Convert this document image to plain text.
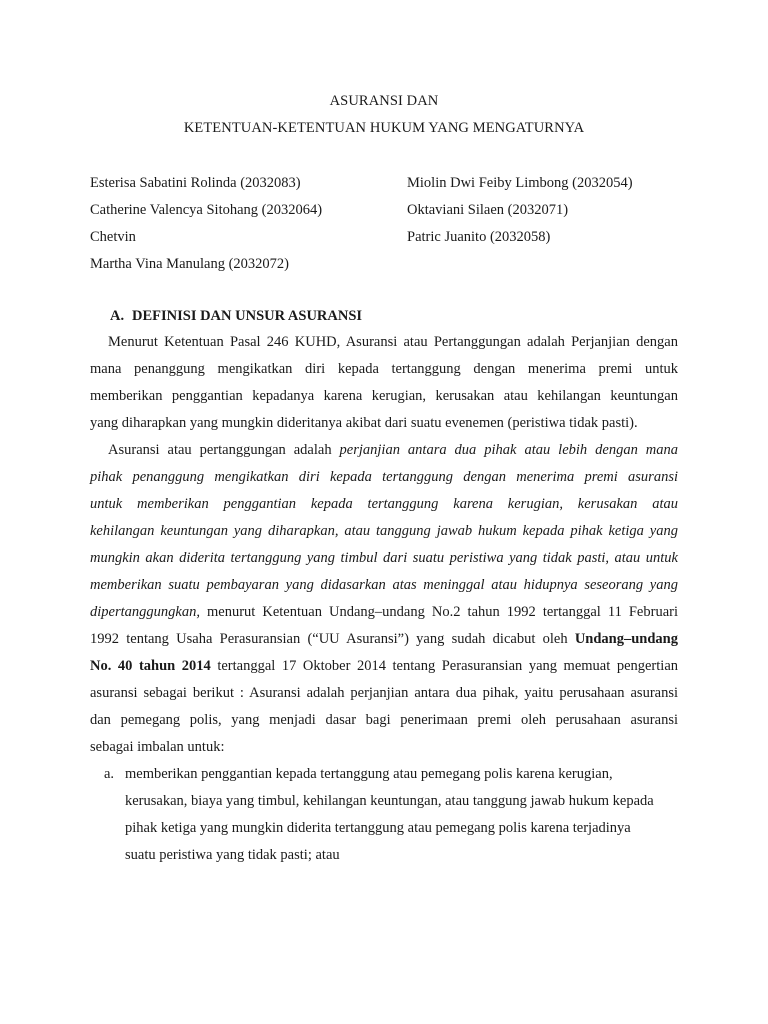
ASURANSI DAN
KETENTUAN-KETENTUAN HUKUM YANG MENGATURNYA
Esterisa Sabatini Rolinda (2032083)
Catherine Valencya Sitohang (2032064)
Chetvin
Martha Vina Manulang (2032072)
Miolin Dwi Feiby Limbong (2032054)
Oktaviani Silaen (2032071)
Patric Juanito (2032058)
A. DEFINISI DAN UNSUR ASURANSI
Menurut Ketentuan Pasal 246 KUHD, Asuransi atau Pertanggungan adalah Perjanjian dengan
mana penanggung mengikatkan diri kepada tertanggung dengan menerima premi untuk
memberikan penggantian kepadanya karena kerugian, kerusakan atau kehilangan keuntungan
yang diharapkan yang mungkin dideritanya akibat dari suatu evenemen (peristiwa tidak pasti).
Asuransi atau pertanggungan adalah perjanjian antara dua pihak atau lebih dengan mana
pihak penanggung mengikatkan diri kepada tertanggung dengan menerima premi asuransi
untuk memberikan penggantian kepada tertanggung karena kerugian, kerusakan atau
kehilangan keuntungan yang diharapkan, atau tanggung jawab hukum kepada pihak ketiga yang
mungkin akan diderita tertanggung yang timbul dari suatu peristiwa yang tidak pasti, atau untuk
memberikan suatu pembayaran yang didasarkan atas meninggal atau hidupnya seseorang yang
dipertanggungkan, menurut Ketentuan Undang–undang No.2 tahun 1992 tertanggal 11 Februari
1992 tentang Usaha Perasuransian (“UU Asuransi”) yang sudah dicabut oleh Undang–undang
No. 40 tahun 2014 tertanggal 17 Oktober 2014 tentang Perasuransian yang memuat pengertian
asuransi sebagai berikut : Asuransi adalah perjanjian antara dua pihak, yaitu perusahaan asuransi
dan pemegang polis, yang menjadi dasar bagi penerimaan premi oleh perusahaan asuransi
sebagai imbalan untuk:
a. memberikan penggantian kepada tertanggung atau pemegang polis karena kerugian,
kerusakan, biaya yang timbul, kehilangan keuntungan, atau tanggung jawab hukum kepada
pihak ketiga yang mungkin diderita tertanggung atau pemegang polis karena terjadinya
suatu peristiwa yang tidak pasti; atau
